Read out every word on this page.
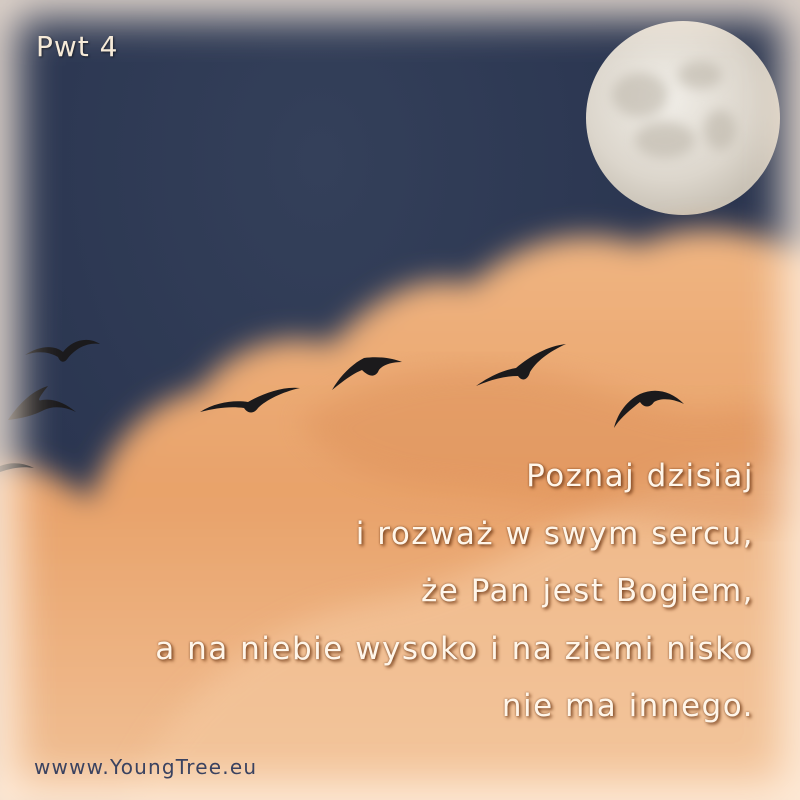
Pwt 4
Poznaj dzisiaj
i rozważ w swym sercu,
że Pan jest Bogiem,
a na niebie wysoko i na ziemi nisko
nie ma innego.
wwww.YoungTree.eu
